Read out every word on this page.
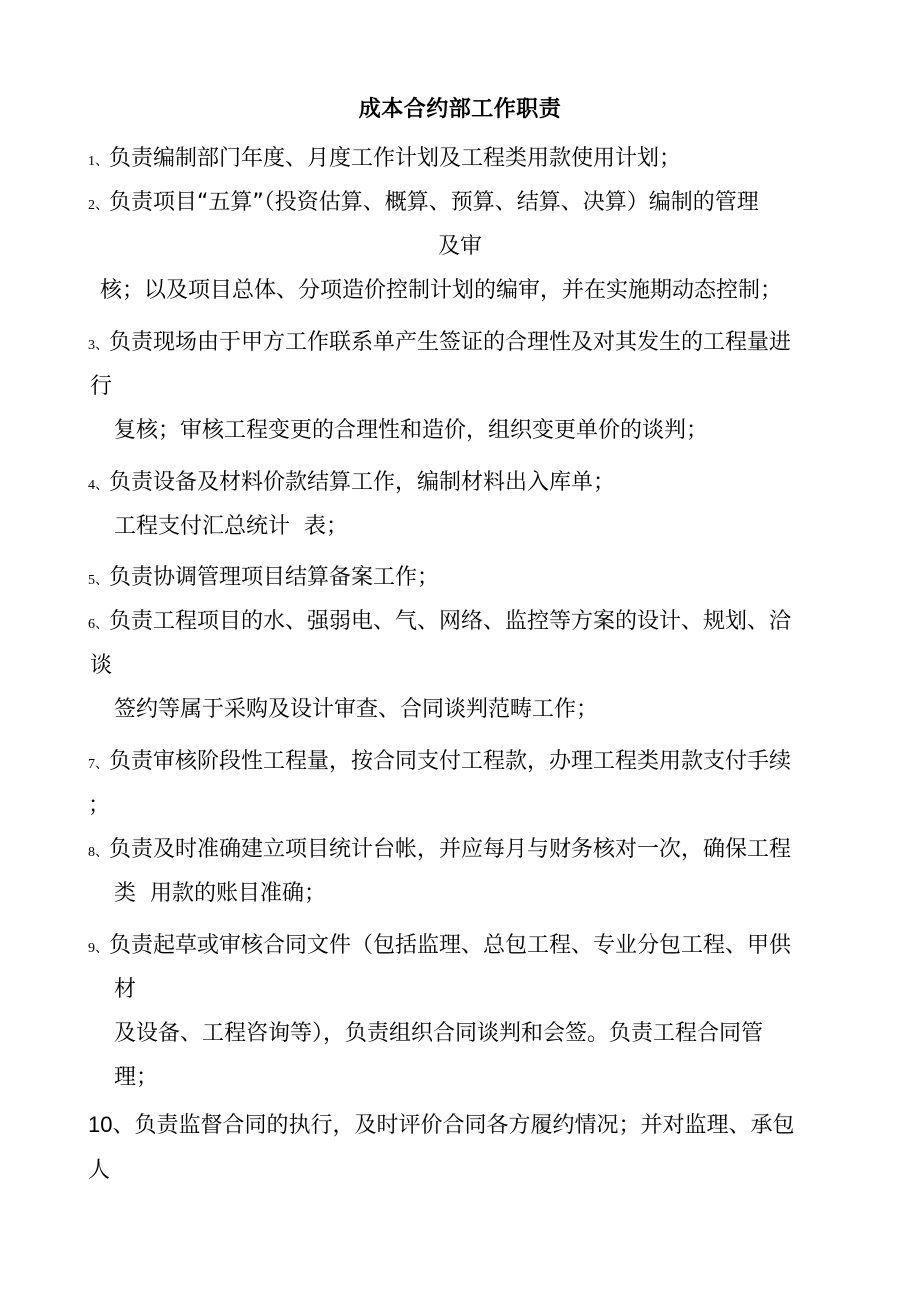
成本合约部工作职责
1、负责编制部门年度、月度工作计划及工程类用款使用计划；
2、负责项目“五算”（投资估算、概算、预算、结算、决算）编制的管理
及审
核；以及项目总体、分项造价控制计划的编审，并在实施期动态控制；
3、负责现场由于甲方工作联系单产生签证的合理性及对其发生的工程量进
行
复核；审核工程变更的合理性和造价，组织变更单价的谈判；
4、负责设备及材料价款结算工作，编制材料出入库单；
工程支付汇总统计  表；
5、负责协调管理项目结算备案工作；
6、负责工程项目的水、强弱电、气、网络、监控等方案的设计、规划、洽
谈
签约等属于采购及设计审查、合同谈判范畴工作；
7、负责审核阶段性工程量，按合同支付工程款，办理工程类用款支付手续
；
8、负责及时准确建立项目统计台帐，并应每月与财务核对一次，确保工程
类  用款的账目准确；
9、负责起草或审核合同文件（包括监理、总包工程、专业分包工程、甲供
材
及设备、工程咨询等），负责组织合同谈判和会签。负责工程合同管
理；
10、负责监督合同的执行，及时评价合同各方履约情况；并对监理、承包
人
